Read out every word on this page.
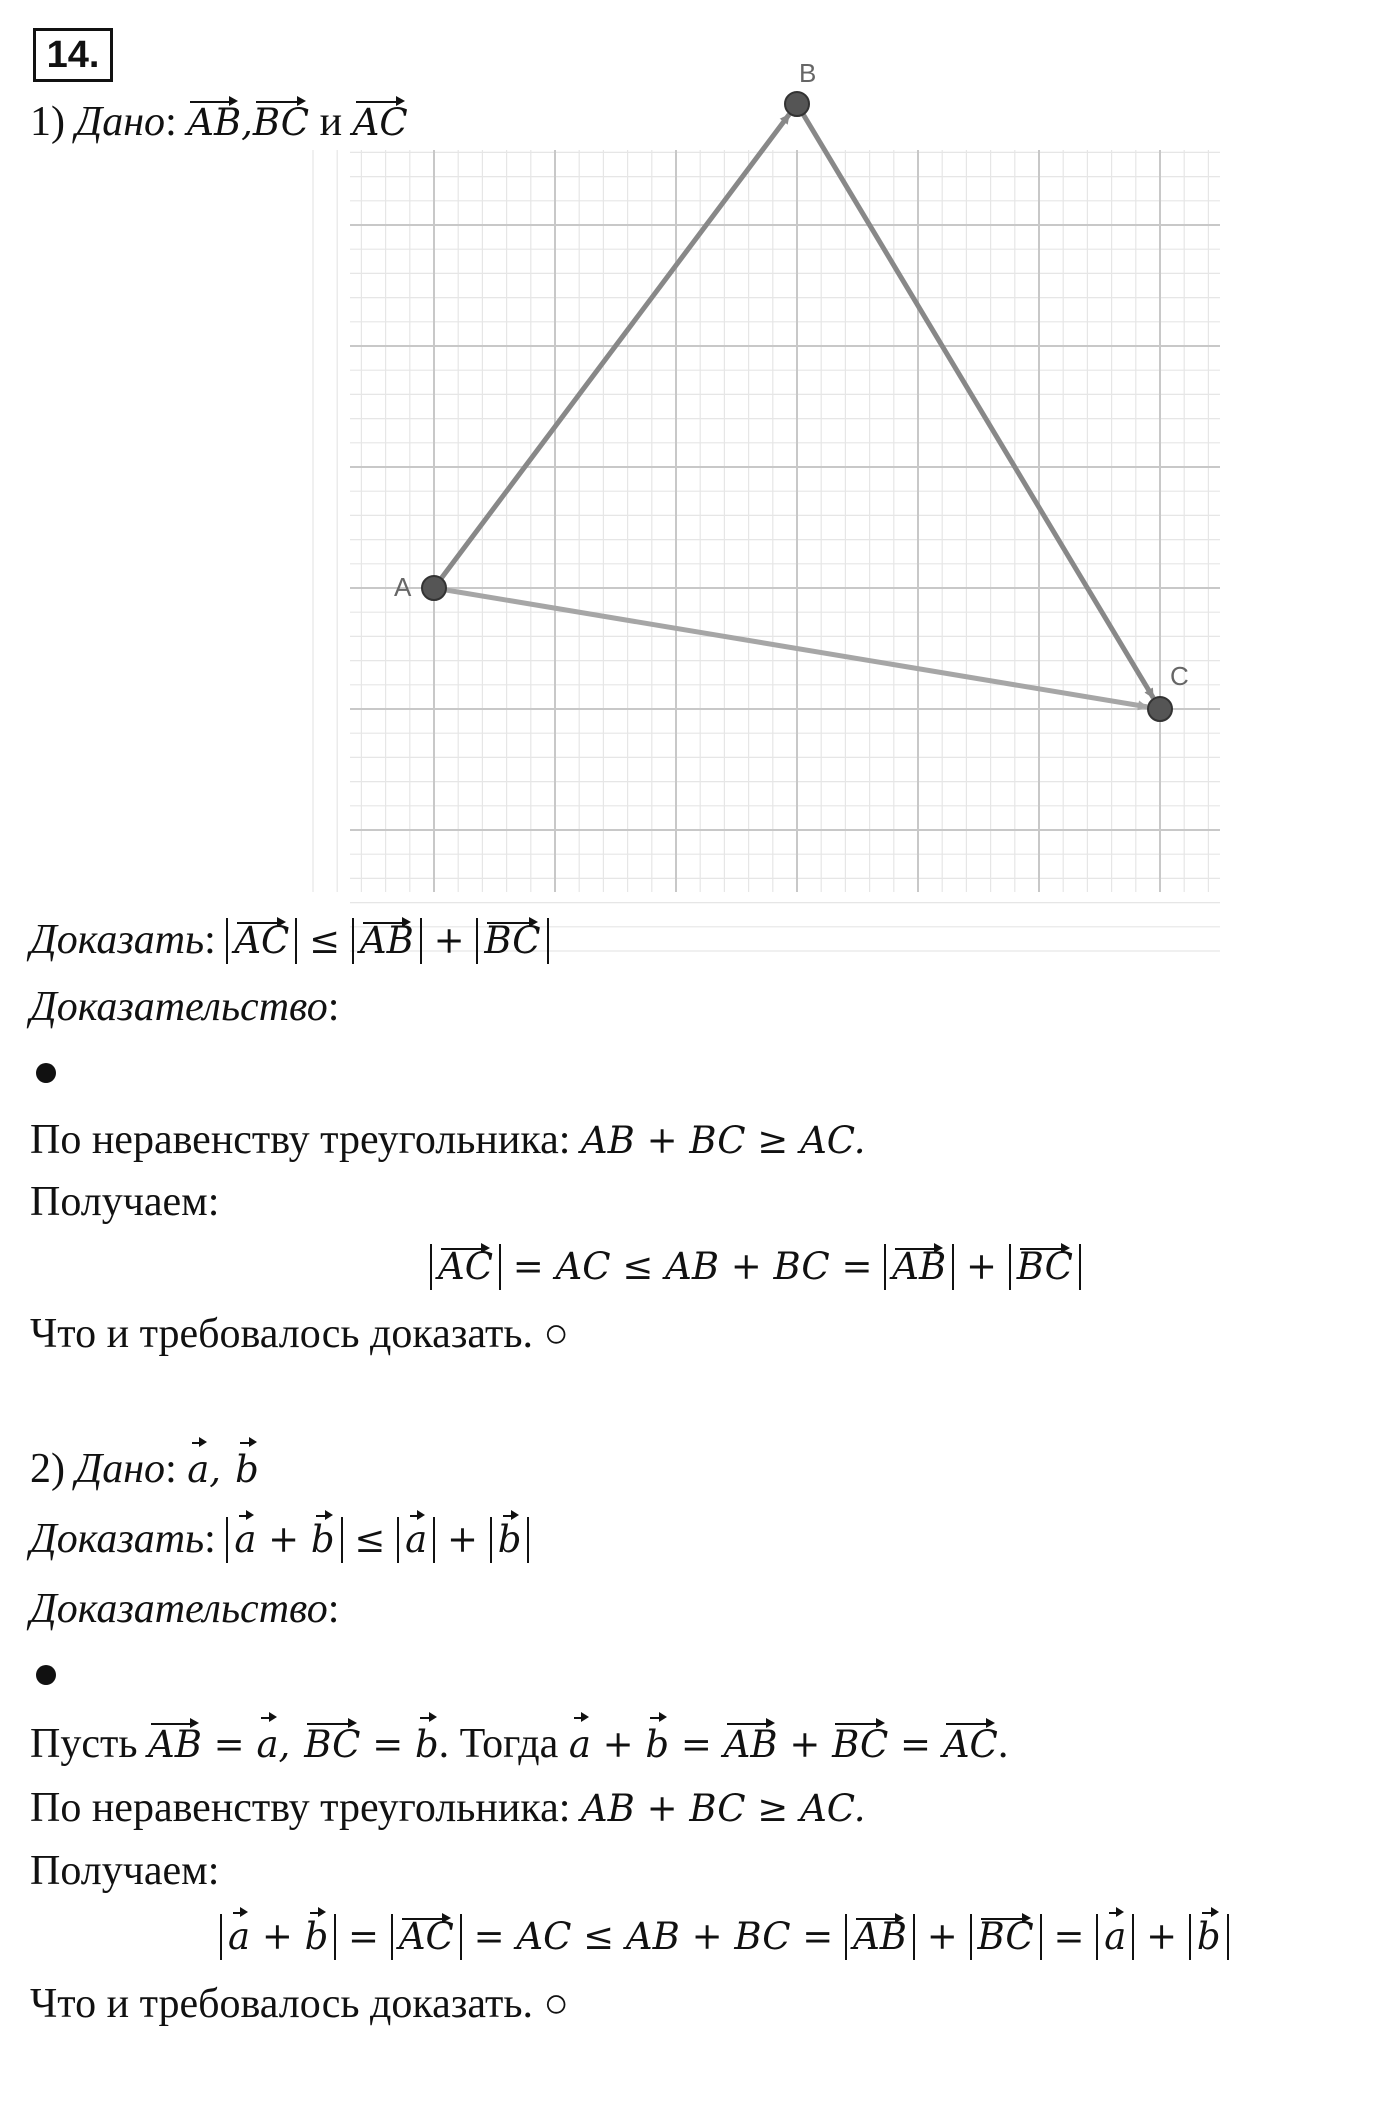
14.
1) Дано: AB,BC и AC
A
B
C
Доказать: AC ≤ AB + BC
Доказательство:
По неравенству треугольника: AB + BC ≥ AC.
Получаем:
AC = AC ≤ AB + BC = AB + BC
Что и требовалось доказать. ○
2) Дано: a, b
Доказать: a + b ≤ a + b
Доказательство:
Пусть AB = a, BC = b. Тогда a + b = AB + BC = AC.
По неравенству треугольника: AB + BC ≥ AC.
Получаем:
a + b = AC = AC ≤ AB + BC = AB + BC = a + b
Что и требовалось доказать. ○
